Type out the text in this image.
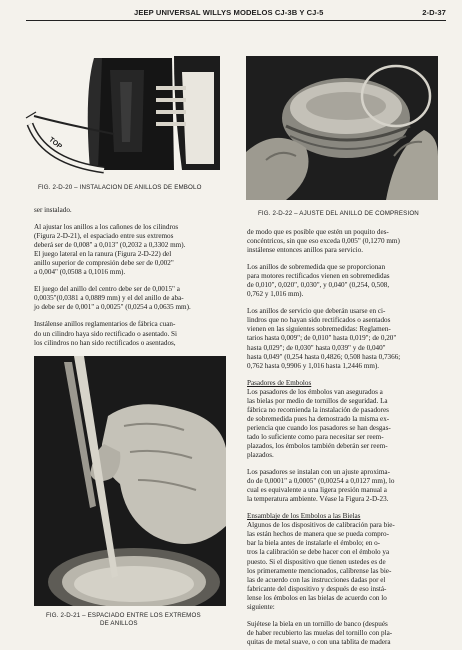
JEEP UNIVERSAL WILLYS MODELOS CJ-3B Y CJ-5	2-D-37
TOP
FIG. 2-D-20 – INSTALACION DE ANILLOS DE EMBOLO
FIG. 2-D-22 – AJUSTE DEL ANILLO DE COMPRESION

ser instalado.

Al ajustar los anillos a los cañones de los cilindros
(Figura 2-D-21), el espaciado entre sus extremos
deberá ser de 0,008" a 0,013" (0,2032 a 0,3302 mm).
El juego lateral en la ranura (Figura 2-D-22) del
anillo superior de compresión debe ser de 0,002"
a 0,004" (0,0508 a 0,1016 mm).

El juego del anillo del centro debe ser de 0,0015" a
0,0035"(0,0381 a 0,0889 mm) y el del anillo de aba-
jo debe ser de 0,001" a 0,0025" (0,0254 a 0,0635 mm).

Instálense anillos reglamentarios de fábrica cuan-
do un cilindro haya sido rectificado o asentado. Si
los cilindros no han sido rectificados o asentados,

FIG. 2-D-21 – ESPACIADO ENTRE LOS EXTREMOS
DE ANILLOS

de modo que es posible que estén un poquito des-
concéntricos, sin que eso exceda 0,005" (0,1270 mm)
instálense entonces anillos para servicio.

Los anillos de sobremedida que se proporcionan
para motores rectificados vienen en sobremedidas
de 0,010", 0,020", 0,030", y 0,040" (0,254, 0,508,
0,762 y 1,016 mm).

Los anillos de servicio que deberán usarse en ci-
lindros que no hayan sido rectificados o asentados
vienen en las siguientes sobremedidas: Reglamen-
tarios hasta 0,009"; de 0,010" hasta 0,019"; de 0,20"
hasta 0,029"; de 0,030" hasta 0,039" y de 0,040"
hasta 0,049" (0,254 hasta 0,4826; 0,508 hasta 0,7366;
0,762 hasta 0,9906 y 1,016 hasta 1,2446 mm).

Pasadores de Embolos
Los pasadores de los émbolos van asegurados a
las bielas por medio de tornillos de seguridad. La
fábrica no recomienda la instalación de pasadores
de sobremedida pues ha demostrado la misma ex-
periencia que cuando los pasadores se han desgas-
tado lo suficiente como para necesitar ser reem-
plazados, los émbolos también deberán ser reem-
plazados.

Los pasadores se instalan con un ajuste aproxima-
do de 0,0001" a 0,0005" (0,00254 a 0,0127 mm), lo
cual es equivalente a una ligera presión manual a
la temperatura ambiente. Véase la Figura 2-D-23.

Ensamblaje de los Embolos a las Bielas
Algunos de los dispositivos de calibración para bie-
las están hechos de manera que se pueda compro-
bar la biela antes de instalarle el émbolo; en o-
tros la calibración se debe hacer con el émbolo ya
puesto. Si el dispositivo que tienen ustedes es de
los primeramente mencionados, calíbrense las bie-
las de acuerdo con las instrucciones dadas por el
fabricante del dispositivo y después de eso instá-
lense los émbolos en las bielas de acuerdo con lo
siguiente:

Sujétese la biela en un tornillo de banco (después
de haber recubierto las muelas del tornillo con pla-
quitas de metal suave, o con una tablita de madera
